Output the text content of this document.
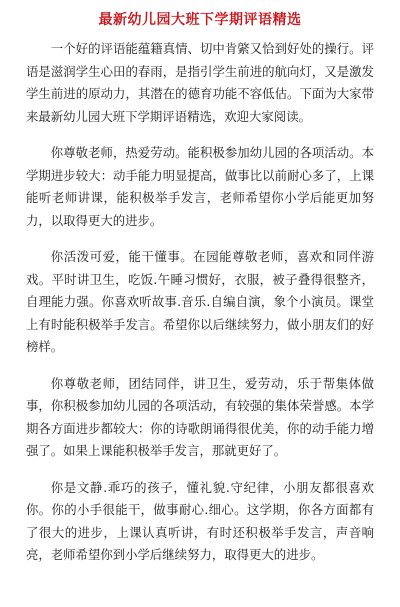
最新幼儿园大班下学期评语精选

一个好的评语能蕴籍真情、切中肯綮又恰到好处的操行。评语是滋润学生心田的春雨，是指引学生前进的航向灯，又是激发学生前进的原动力，其潜在的德育功能不容低估。下面为大家带来最新幼儿园大班下学期评语精选，欢迎大家阅读。

你尊敬老师，热爱劳动。能积极参加幼儿园的各项活动。本学期进步较大：动手能力明显提高，做事比以前耐心多了，上课能听老师讲课，能积极举手发言，老师希望你小学后能更加努力，以取得更大的进步。

你活泼可爱，能干懂事。在园能尊敬老师，喜欢和同伴游戏。平时讲卫生，吃饭.午睡习惯好，衣服，被子叠得很整齐，自理能力强。你喜欢听故事.音乐.自编自演，象个小演员。课堂上有时能积极举手发言。希望你以后继续努力，做小朋友们的好榜样。

你尊敬老师，团结同伴，讲卫生，爱劳动，乐于帮集体做事，你积极参加幼儿园的各项活动，有较强的集体荣誉感。本学期各方面进步都较大：你的诗歌朗诵得很优美，你的动手能力增强了。如果上课能积极举手发言，那就更好了。

你是文静.乖巧的孩子，懂礼貌.守纪律，小朋友都很喜欢你。你的小手很能干，做事耐心.细心。这学期，你各方面都有了很大的进步，上课认真听讲，有时还积极举手发言，声音响亮，老师希望你到小学后继续努力，取得更大的进步。
